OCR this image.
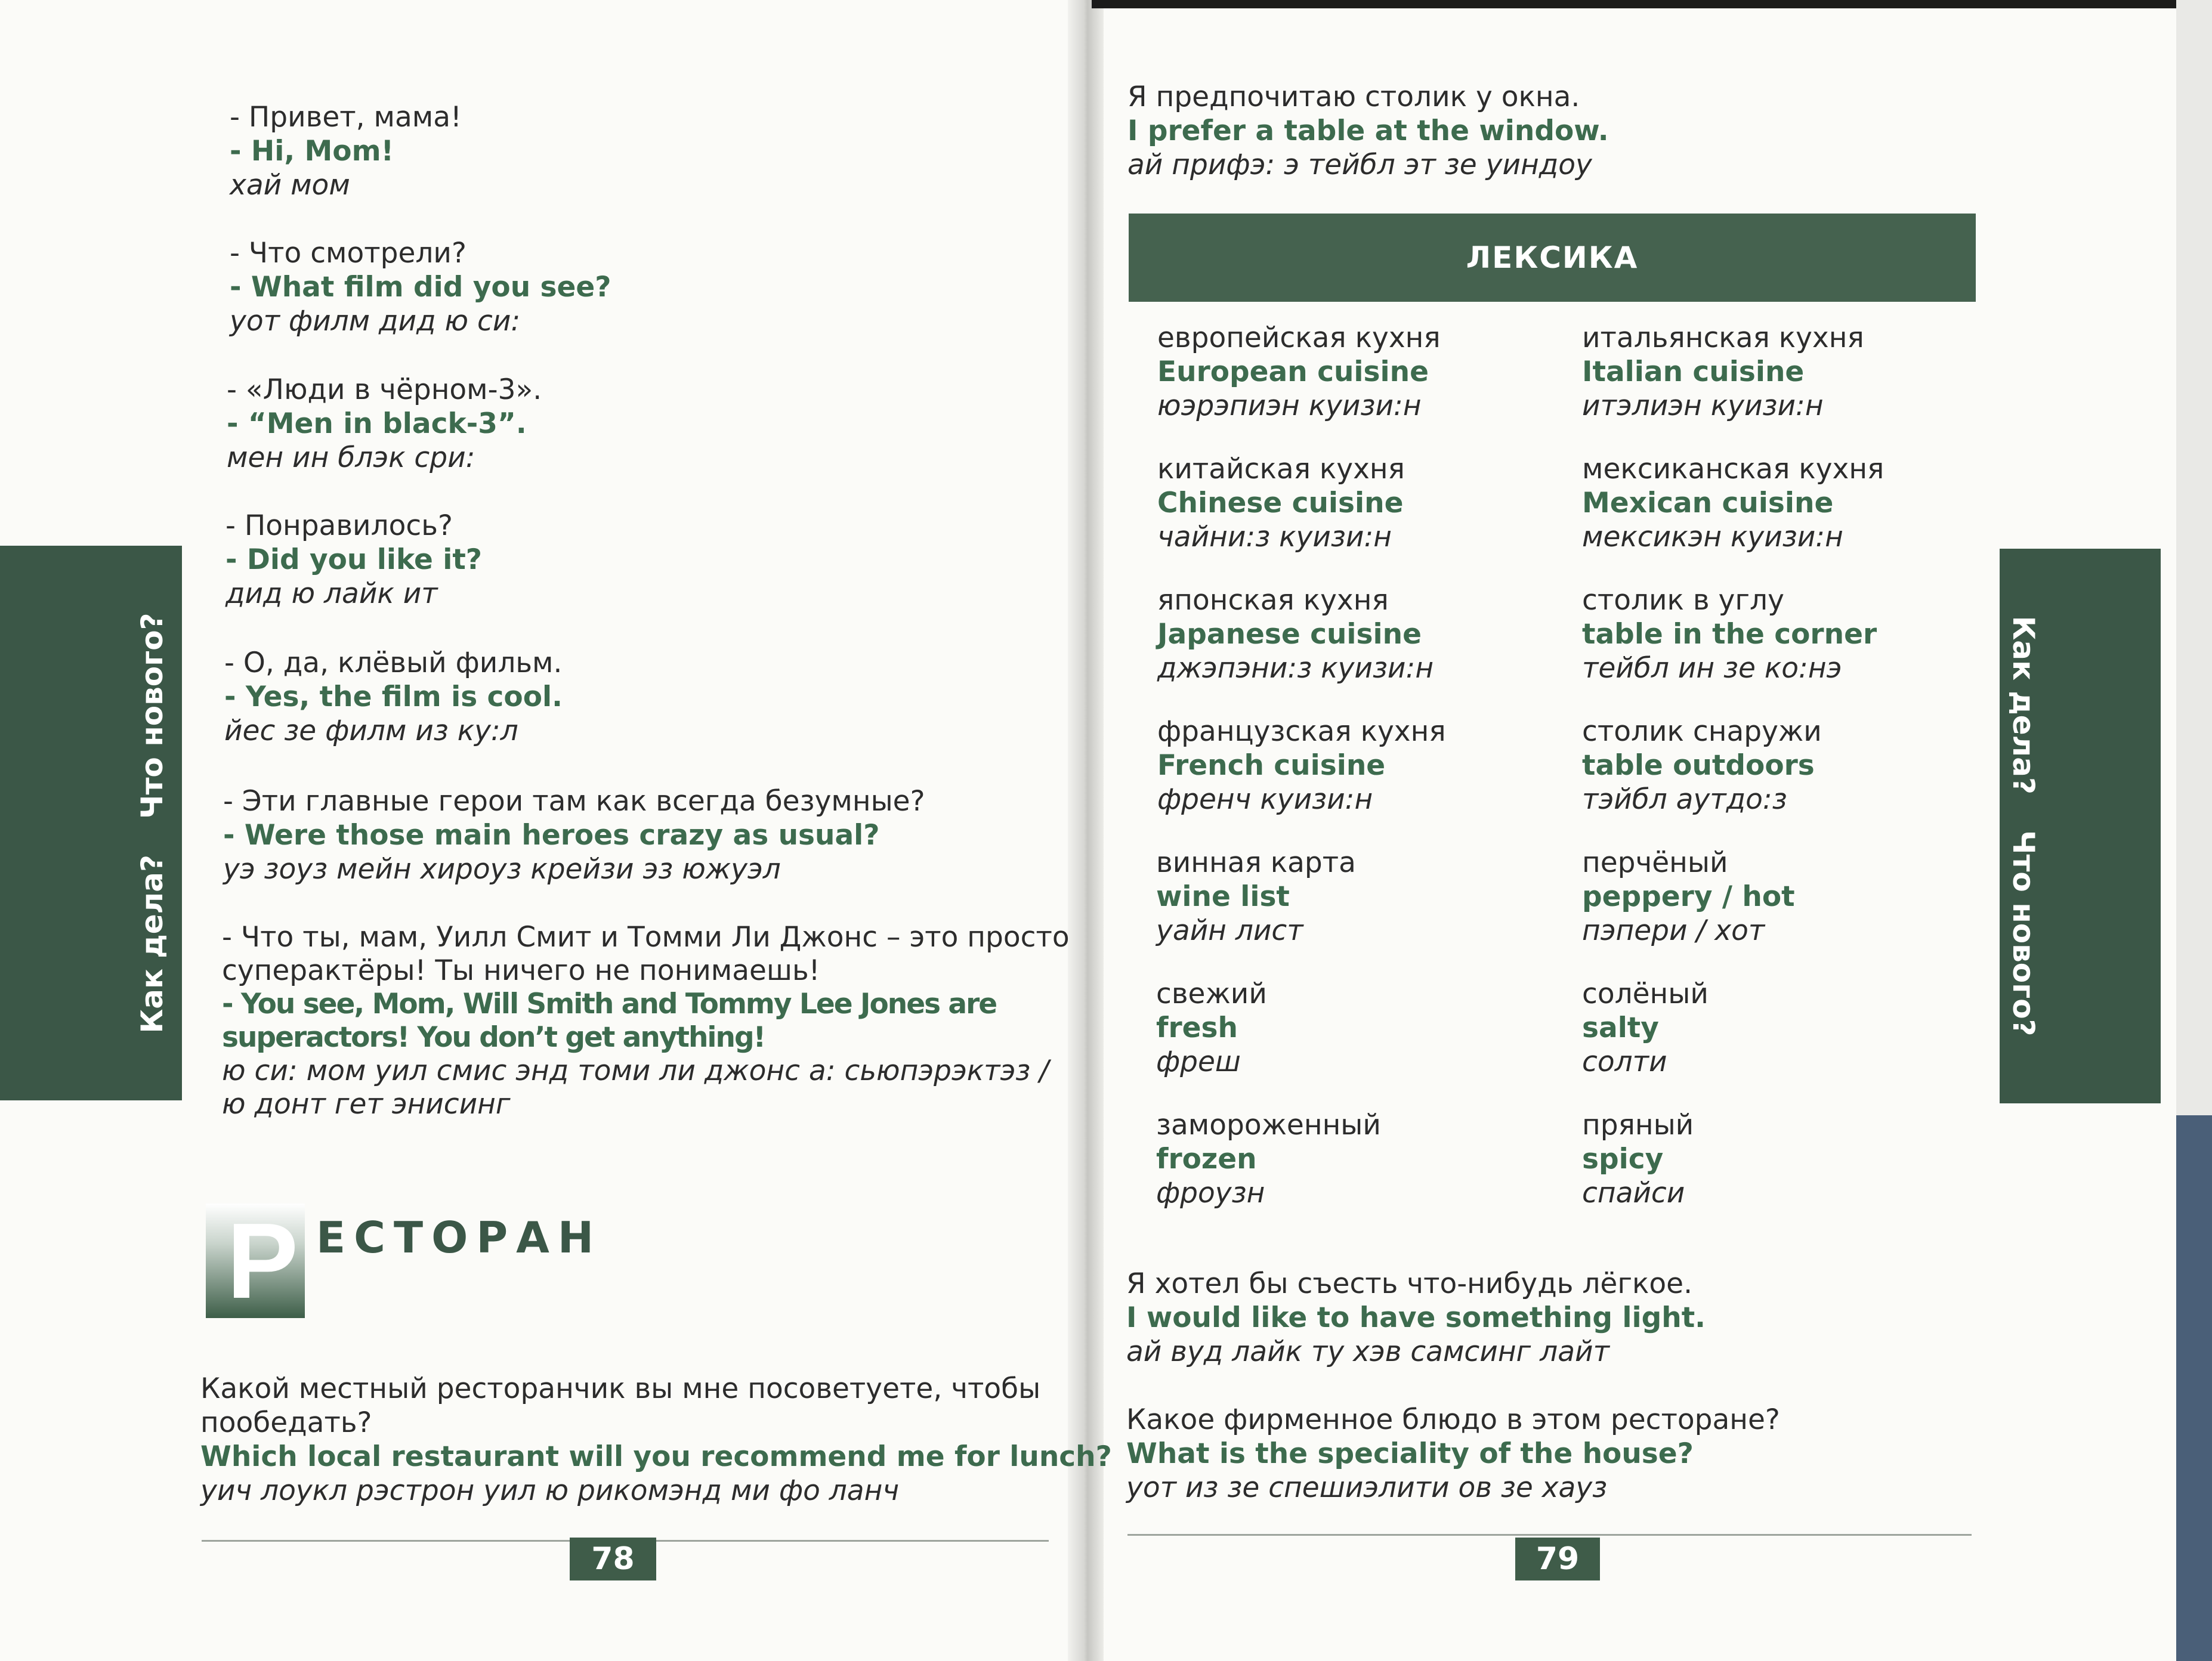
Как дела?Что нового?
- Привет, мама!
- Hi, Mom!
хай мом
- Что смотрели?
- What film did you see?
уот филм дид ю си:
- «Люди в чёрном-3».
- “Men in black-3”.
мен ин блэк сри:
- Понравилось?
- Did you like it?
дид ю лайк ит
- О, да, клёвый фильм.
- Yes, the film is cool.
йес зе филм из ку:л
- Эти главные герои там как всегда безумные?
- Were those main heroes crazy as usual?
уэ зоуз мейн хироуз крейзи эз южуэл
- Что ты, мам, Уилл Смит и Томми Ли Джонс – это просто
суперактёры! Ты ничего не понимаешь!
- You see, Mom, Will Smith and Tommy Lee Jones are
superactors! You don’t get anything!
ю си: мом уил смис энд томи ли джонс а: сьюпэрэктэз /
ю донт гет энисинг
Р ЕСТОРАН
Какой местный ресторанчик вы мне посоветуете, чтобы
пообедать?
Which local restaurant will you recommend me for lunch?
уич лоукл рэстрон уил ю рикомэнд ми фо ланч
78
Я предпочитаю столик у окна.
I prefer a table at the window.
ай прифэ: э тейбл эт зе уиндоу
ЛЕКСИКА
европейская кухня
European cuisine
юэрэпиэн куизи:н
китайская кухня
Chinese cuisine
чайни:з куизи:н
японская кухня
Japanese cuisine
джэпэни:з куизи:н
французская кухня
French cuisine
френч куизи:н
винная карта
wine list
уайн лист
свежий
fresh
фреш
замороженный
frozen
фроузн
итальянская кухня
Italian cuisine
итэлиэн куизи:н
мексиканская кухня
Mexican cuisine
мексикэн куизи:н
столик в углу
table in the corner
тейбл ин зе ко:нэ
столик снаружи
table outdoors
тэйбл аутдо:з
перчёный
peppery / hot
пэпери / хот
солёный
salty
солти
пряный
spicy
спайси
Как дела?Что нового?
Я хотел бы съесть что-нибудь лёгкое.
I would like to have something light.
ай вуд лайк ту хэв самсинг лайт
Какое фирменное блюдо в этом ресторане?
What is the speciality of the house?
уот из зе спешиэлити ов зе хауз
79
